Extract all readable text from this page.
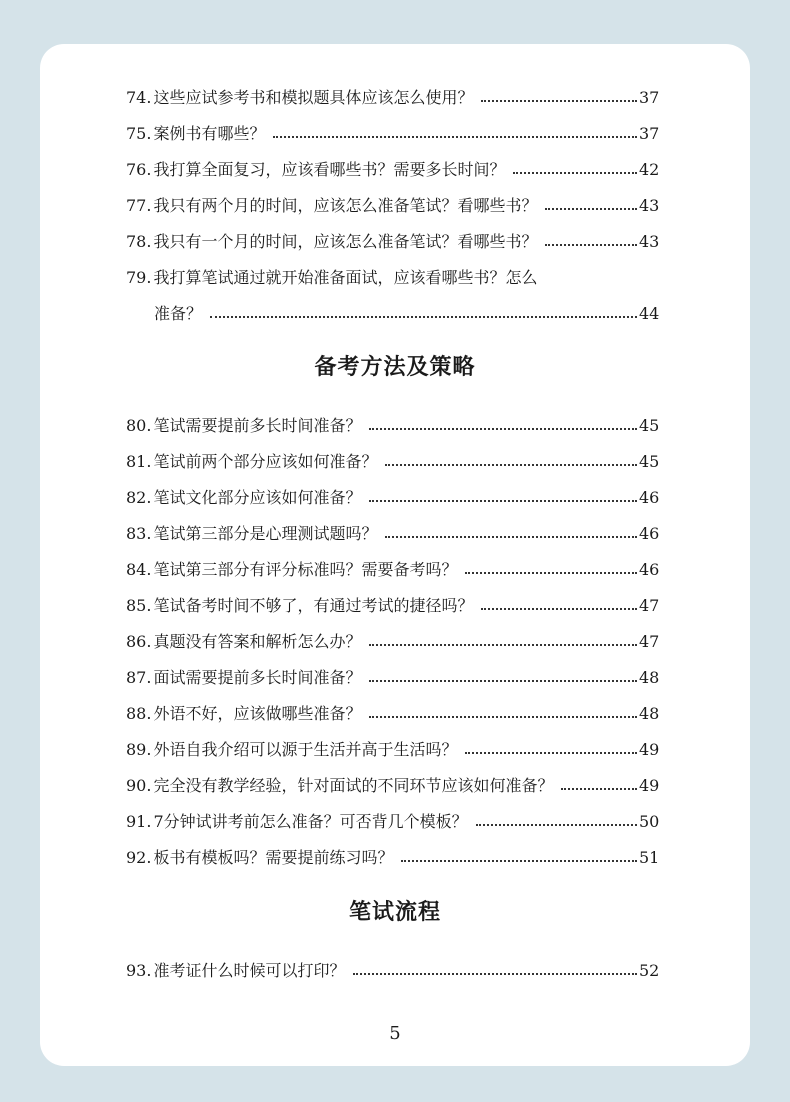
74. 这些应试参考书和模拟题具体应该怎么使用？	37
75. 案例书有哪些？	37
76. 我打算全面复习，应该看哪些书？需要多长时间？	42
77. 我只有两个月的时间，应该怎么准备笔试？看哪些书？	43
78. 我只有一个月的时间，应该怎么准备笔试？看哪些书？	43
79. 我打算笔试通过就开始准备面试，应该看哪些书？怎么
准备？	44
备考方法及策略
80. 笔试需要提前多长时间准备？	45
81. 笔试前两个部分应该如何准备？	45
82. 笔试文化部分应该如何准备？	46
83. 笔试第三部分是心理测试题吗？	46
84. 笔试第三部分有评分标准吗？需要备考吗？	46
85. 笔试备考时间不够了，有通过考试的捷径吗？	47
86. 真题没有答案和解析怎么办？	47
87. 面试需要提前多长时间准备？	48
88. 外语不好，应该做哪些准备？	48
89. 外语自我介绍可以源于生活并高于生活吗？	49
90. 完全没有教学经验，针对面试的不同环节应该如何准备？	49
91. 7分钟试讲考前怎么准备？可否背几个模板？	50
92. 板书有模板吗？需要提前练习吗？	51
笔试流程
93. 准考证什么时候可以打印？	52
5
